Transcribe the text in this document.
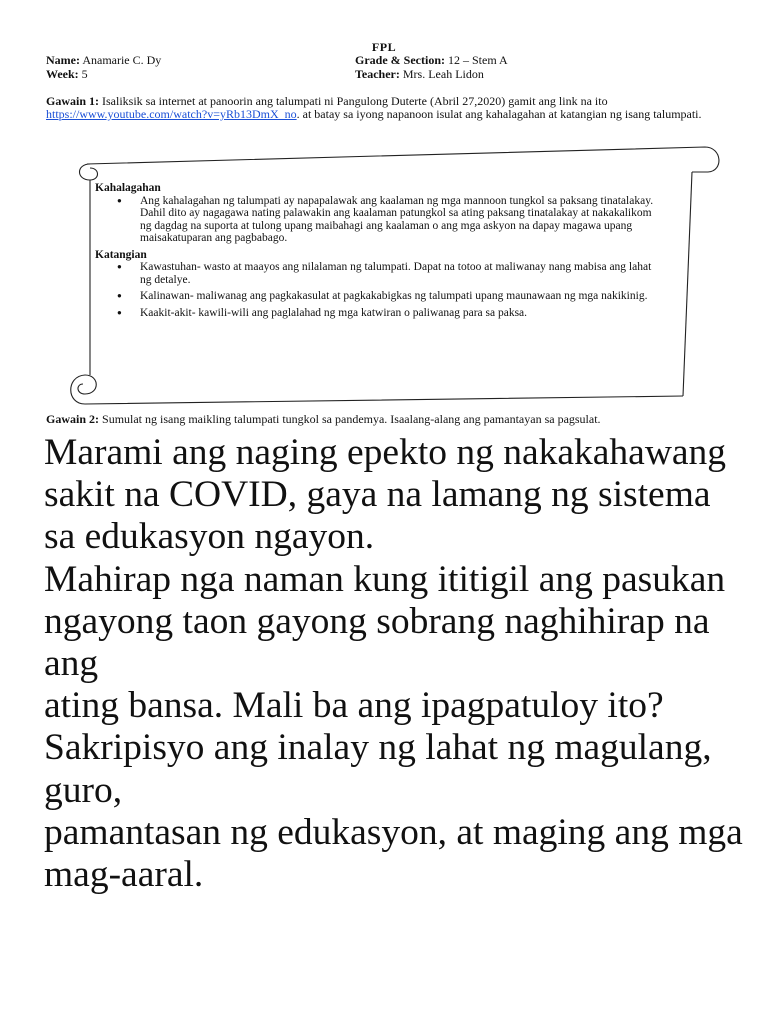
FPL
Name: Anamarie C. Dy
Week: 5
Grade & Section: 12 – Stem A
Teacher: Mrs. Leah Lidon
Gawain 1: Isaliksik sa internet at panoorin ang talumpati ni Pangulong Duterte (Abril 27,2020) gamit ang link na ito
https://www.youtube.com/watch?v=yRb13DmX_no. at batay sa iyong napanoon isulat ang kahalagahan at katangian ng isang talumpati.

Kahalagahan

● Ang kahalagahan ng talumpati ay napapalawak ang kaalaman ng mga mannoon tungkol sa paksang tinatalakay. Dahil dito ay nagagawa nating palawakin ang kaalaman patungkol sa ating paksang tinatalakay at nakakalikom ng dagdag na suporta at tulong upang maibahagi ang kaalaman o ang mga askyon na dapay magawa upang maisakatuparan ang pagbabago.

Katangian

● Kawastuhan- wasto at maayos ang nilalaman ng talumpati. Dapat na totoo at maliwanay nang mabisa ang lahat ng detalye.
● Kalinawan- maliwanag ang pagkakasulat at pagkakabigkas ng talumpati upang maunawaan ng mga nakikinig.
● Kaakit-akit- kawili-wili ang paglalahad ng mga katwiran o paliwanag para sa paksa.
Gawain 2: Sumulat ng isang maikling talumpati tungkol sa pandemya. Isaalang-alang ang pamantayan sa pagsulat.

Marami ang naging epekto ng nakakahawang sakit na COVID, gaya na lamang ng sistema sa edukasyon ngayon.

Mahirap nga naman kung ititigil ang pasukan ngayong taon gayong sobrang naghihirap na ang

ating bansa. Mali ba ang ipagpatuloy ito? Sakripisyo ang inalay ng lahat ng magulang, guro,

pamantasan ng edukasyon, at maging ang mga mag-aaral.
